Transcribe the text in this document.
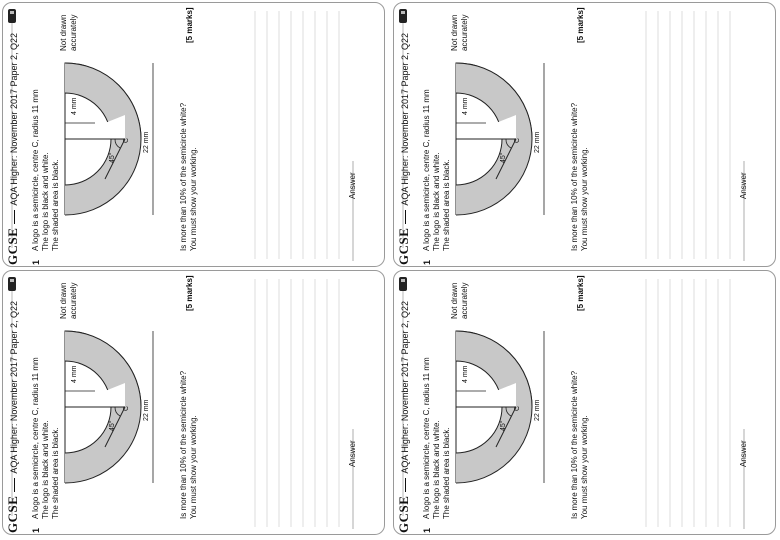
GCSEAQA Higher: November 2017 Paper 2, Q22
1
A logo is a semicircle, centre C, radius 11 mm The logo is black and white. The shaded area is black.
Not drawn accurately
4 mm
45°
C 22 mm	Is more than 10% of the semicircle white? You must show your working.
[5 marks]
Answer
GCSEAQA Higher: November 2017 Paper 2, Q22
1
A logo is a semicircle, centre C, radius 11 mm The logo is black and white. The shaded area is black.
Not drawn accurately
4 mm
45°
C 22 mm	Is more than 10% of the semicircle white? You must show your working.
[5 marks]
Answer
GCSEAQA Higher: November 2017 Paper 2, Q22
1
A logo is a semicircle, centre C, radius 11 mm The logo is black and white. The shaded area is black.
Not drawn accurately
4 mm
45°
C 22 mm	Is more than 10% of the semicircle white? You must show your working.
[5 marks]
Answer
GCSEAQA Higher: November 2017 Paper 2, Q22
1
A logo is a semicircle, centre C, radius 11 mm The logo is black and white. The shaded area is black.
Not drawn accurately
4 mm
45°
C 22 mm	Is more than 10% of the semicircle white? You must show your working.
[5 marks]
Answer
